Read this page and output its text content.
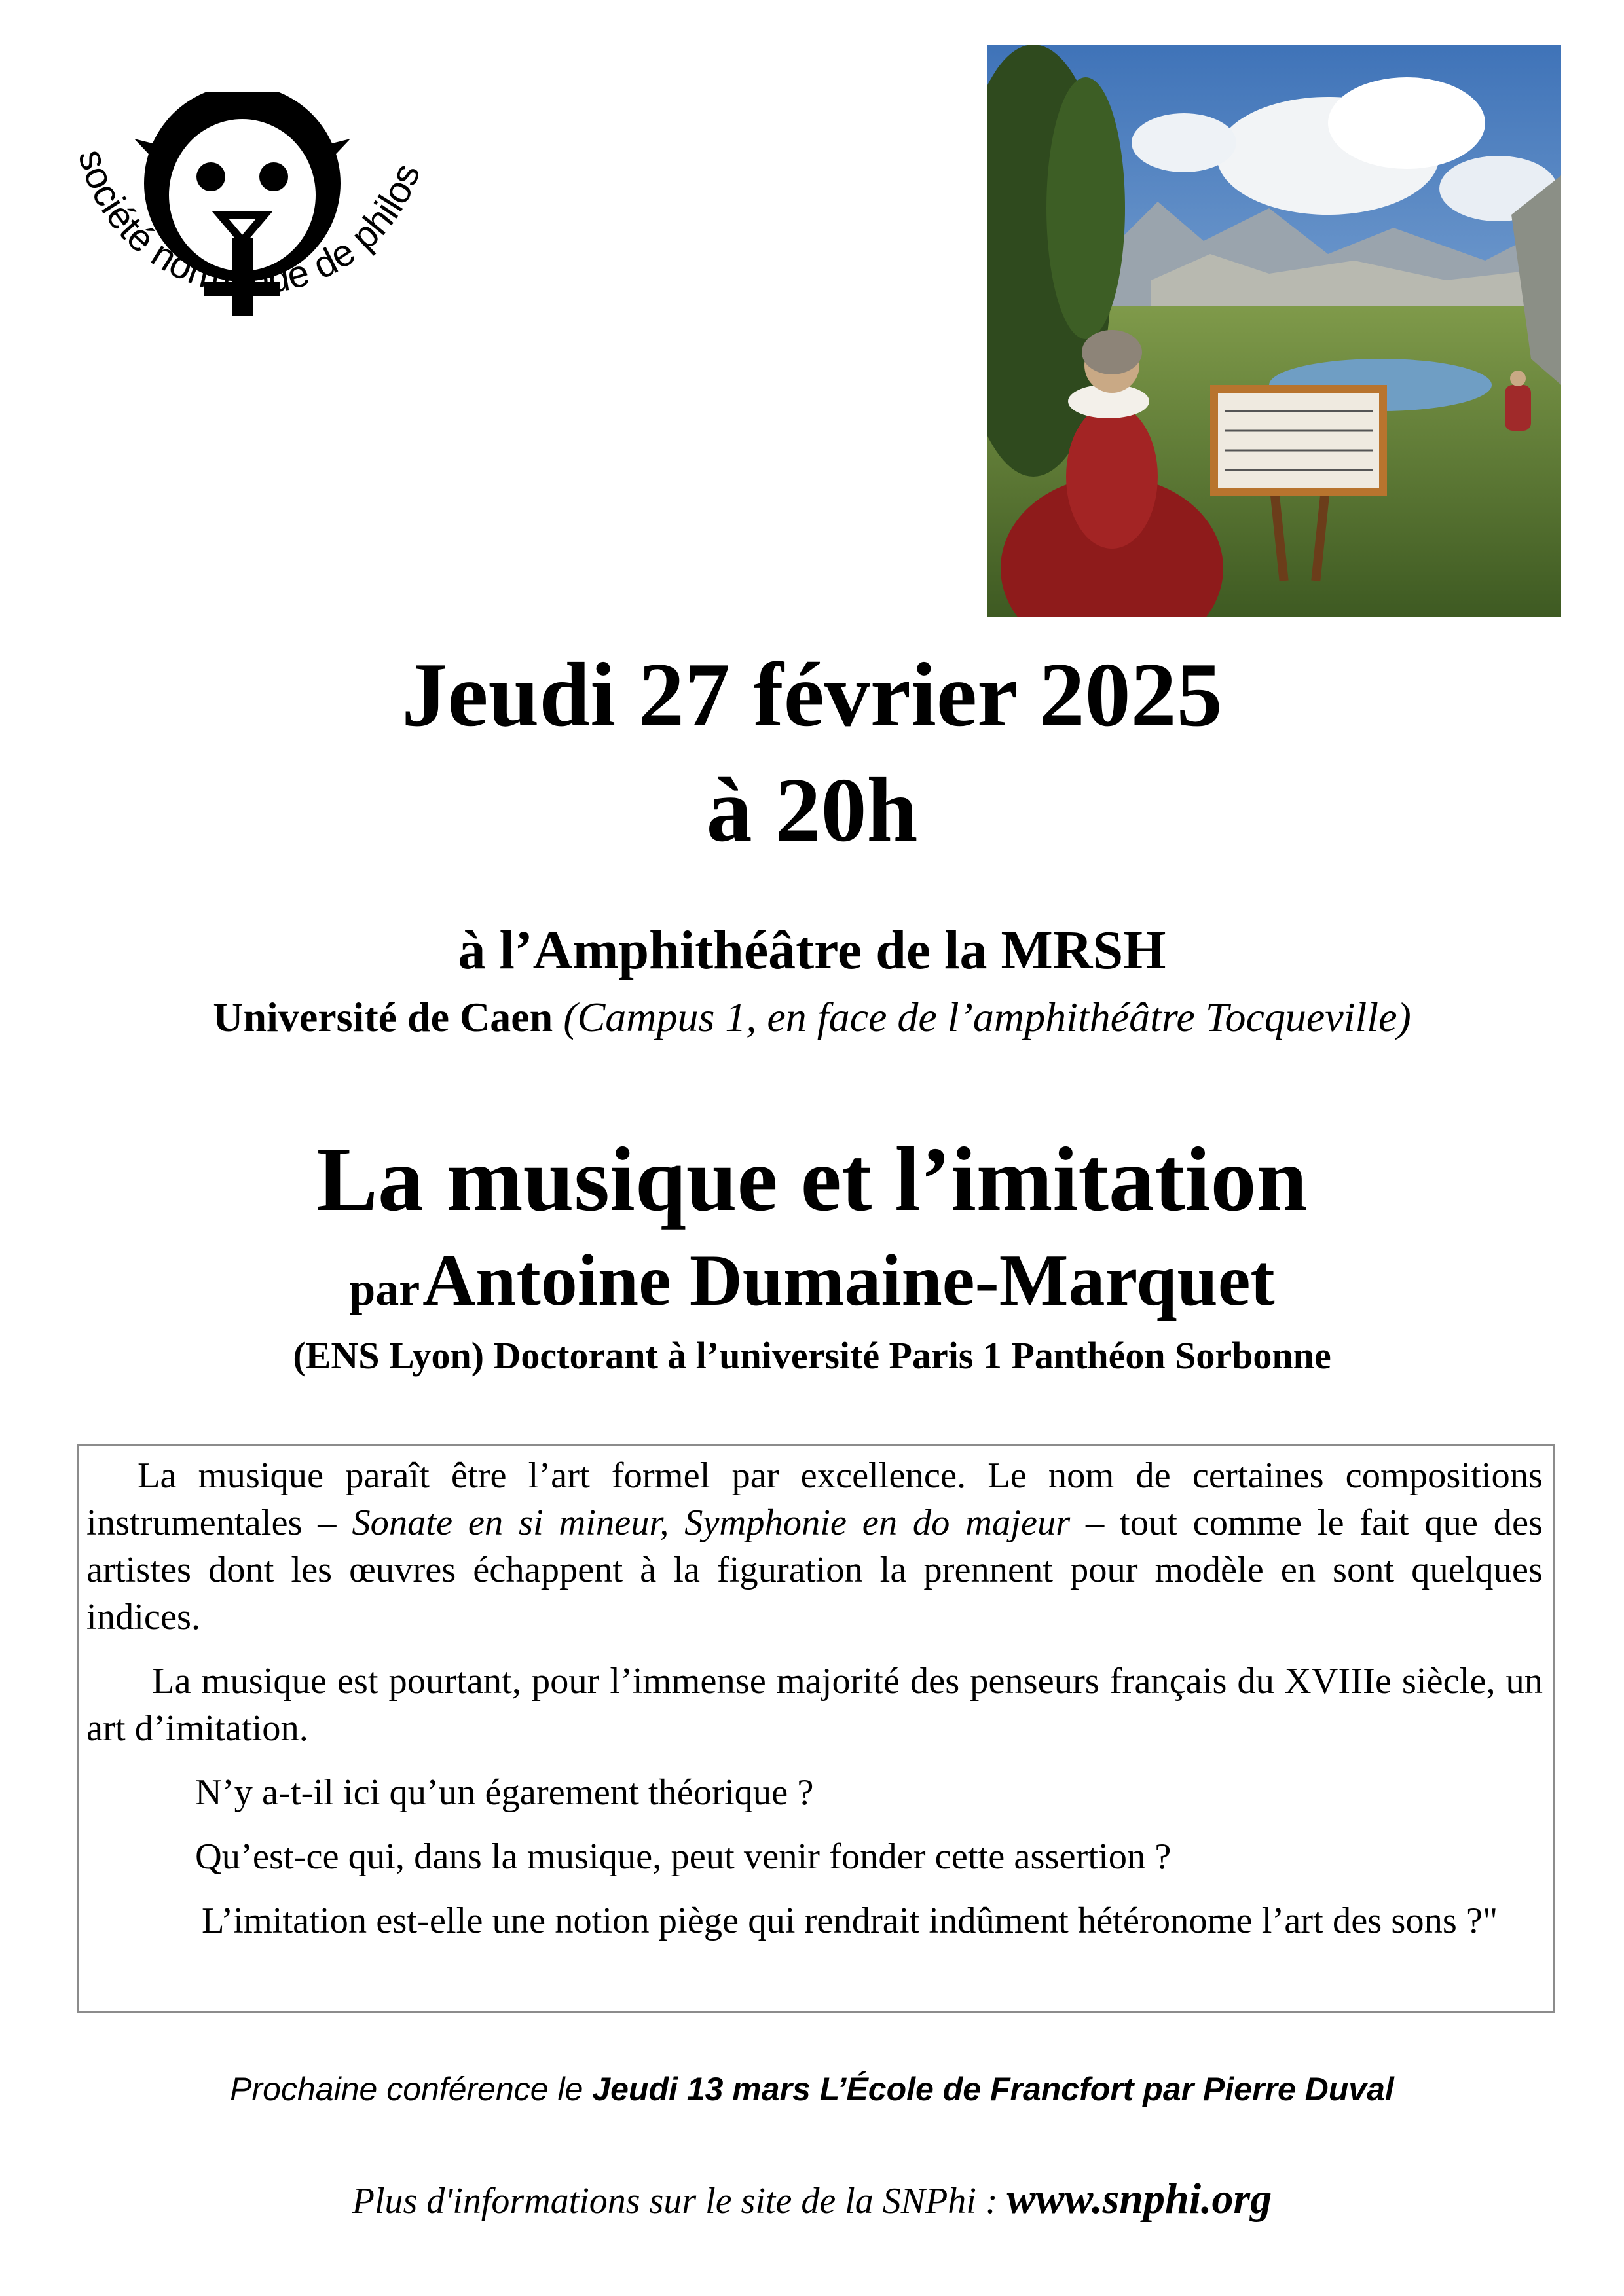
société normande de philos
Jeudi 27 février 2025
à 20h
à l’Amphithéâtre de la MRSH
Université de Caen (Campus 1, en face de l’amphithéâtre Tocqueville)
La musique et l’imitation
par Antoine Dumaine-Marquet
(ENS Lyon) Doctorant à l’université Paris 1 Panthéon Sorbonne

La musique paraît être l’art formel par excellence. Le nom de certaines compositions instrumentales – Sonate en si mineur, Symphonie en do majeur – tout comme le fait que des artistes dont les œuvres échappent à la figuration la prennent pour modèle en sont quelques indices.

La musique est pourtant, pour l’immense majorité des penseurs français du XVIIIe siècle, un art d’imitation.

N’y a-t-il ici qu’un égarement théorique ?

Qu’est-ce qui, dans la musique, peut venir fonder cette assertion ?

L’imitation est-elle une notion piège qui rendrait indûment hétéronome l’art des sons ?"

Prochaine conférence le Jeudi 13 mars L’École de Francfort par Pierre Duval
Plus d'informations sur le site de la SNPhi : www.snphi.org
